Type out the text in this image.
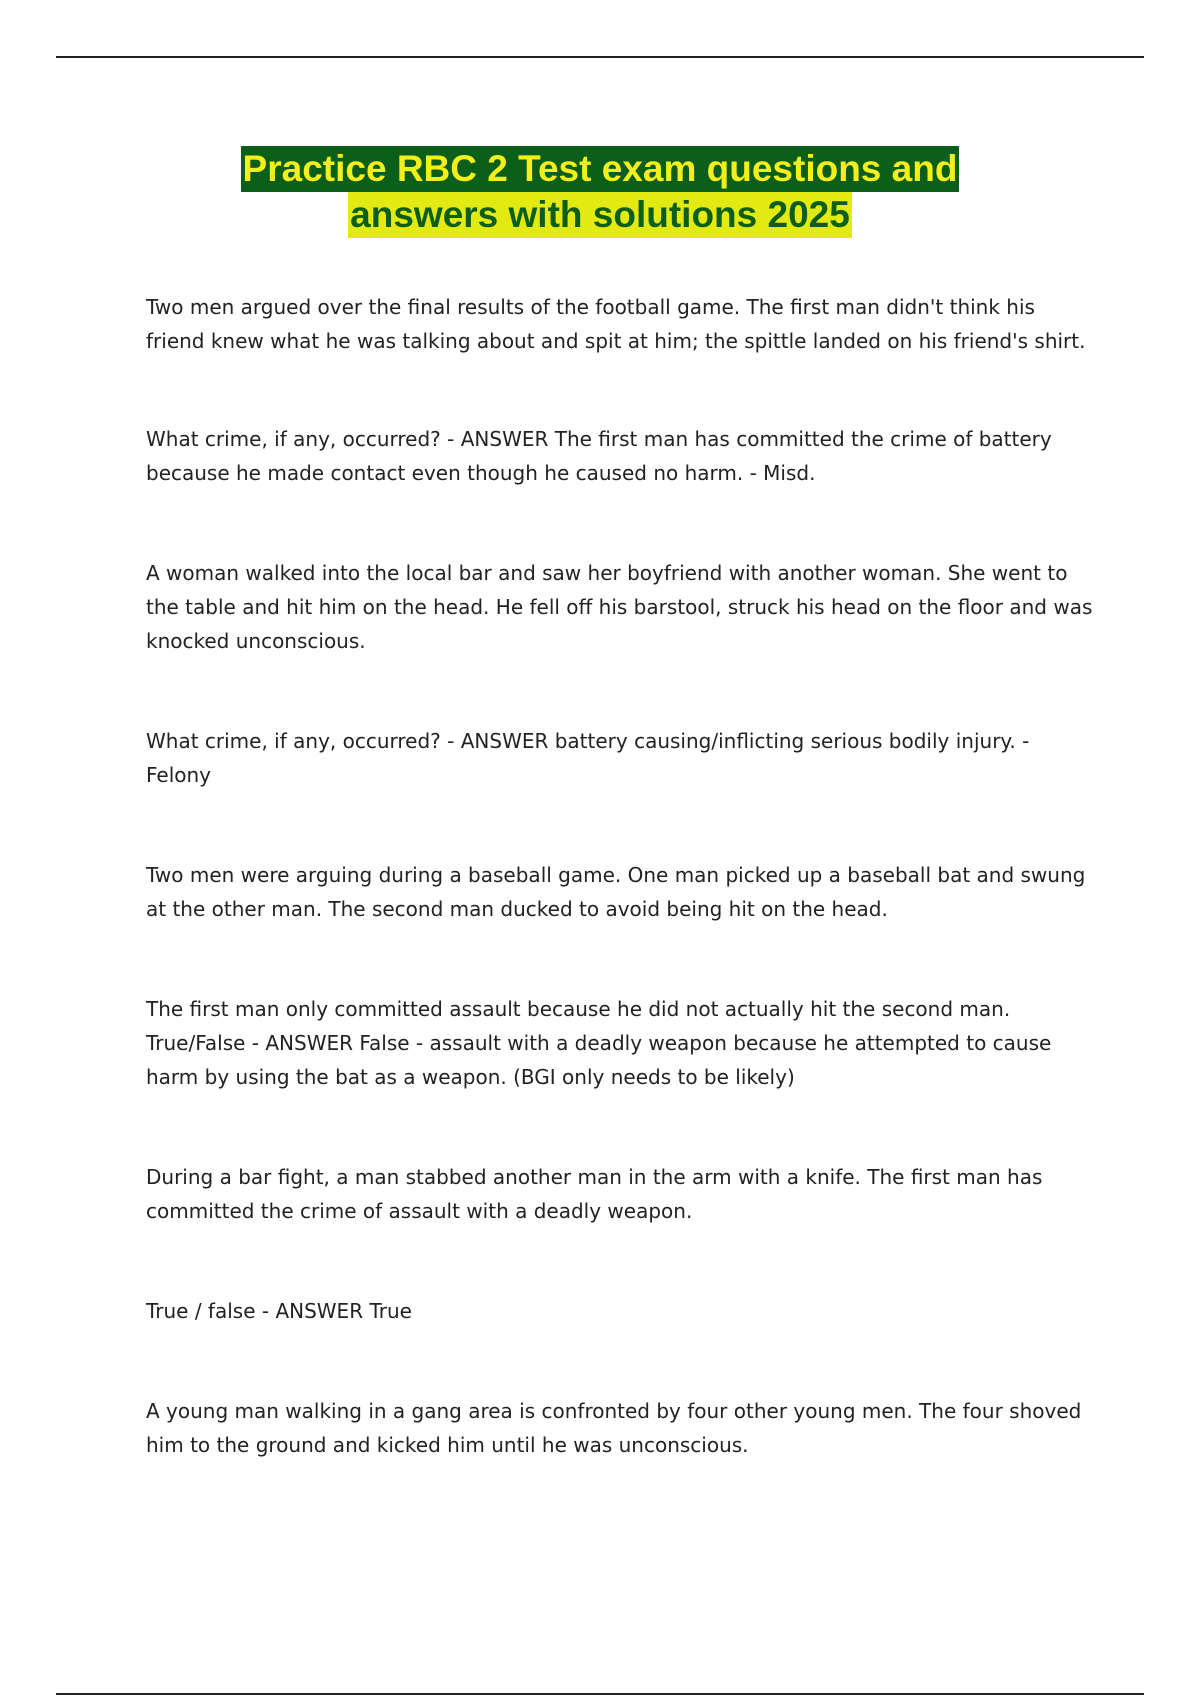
Practice RBC 2 Test exam questions and
answers with solutions 2025

Two men argued over the final results of the football game. The first man didn't think his friend knew what he was talking about and spit at him; the spittle landed on his friend's shirt.

What crime, if any, occurred? - ANSWER The first man has committed the crime of battery because he made contact even though he caused no harm. - Misd.

A woman walked into the local bar and saw her boyfriend with another woman. She went to the table and hit him on the head. He fell off his barstool, struck his head on the floor and was knocked unconscious.

What crime, if any, occurred? - ANSWER battery causing/inflicting serious bodily injury. - Felony

Two men were arguing during a baseball game. One man picked up a baseball bat and swung at the other man. The second man ducked to avoid being hit on the head.

The first man only committed assault because he did not actually hit the second man.

True/False - ANSWER False - assault with a deadly weapon because he attempted to cause harm by using the bat as a weapon. (BGI only needs to be likely)

During a bar fight, a man stabbed another man in the arm with a knife. The first man has committed the crime of assault with a deadly weapon.

True / false - ANSWER True

A young man walking in a gang area is confronted by four other young men. The four shoved him to the ground and kicked him until he was unconscious.
